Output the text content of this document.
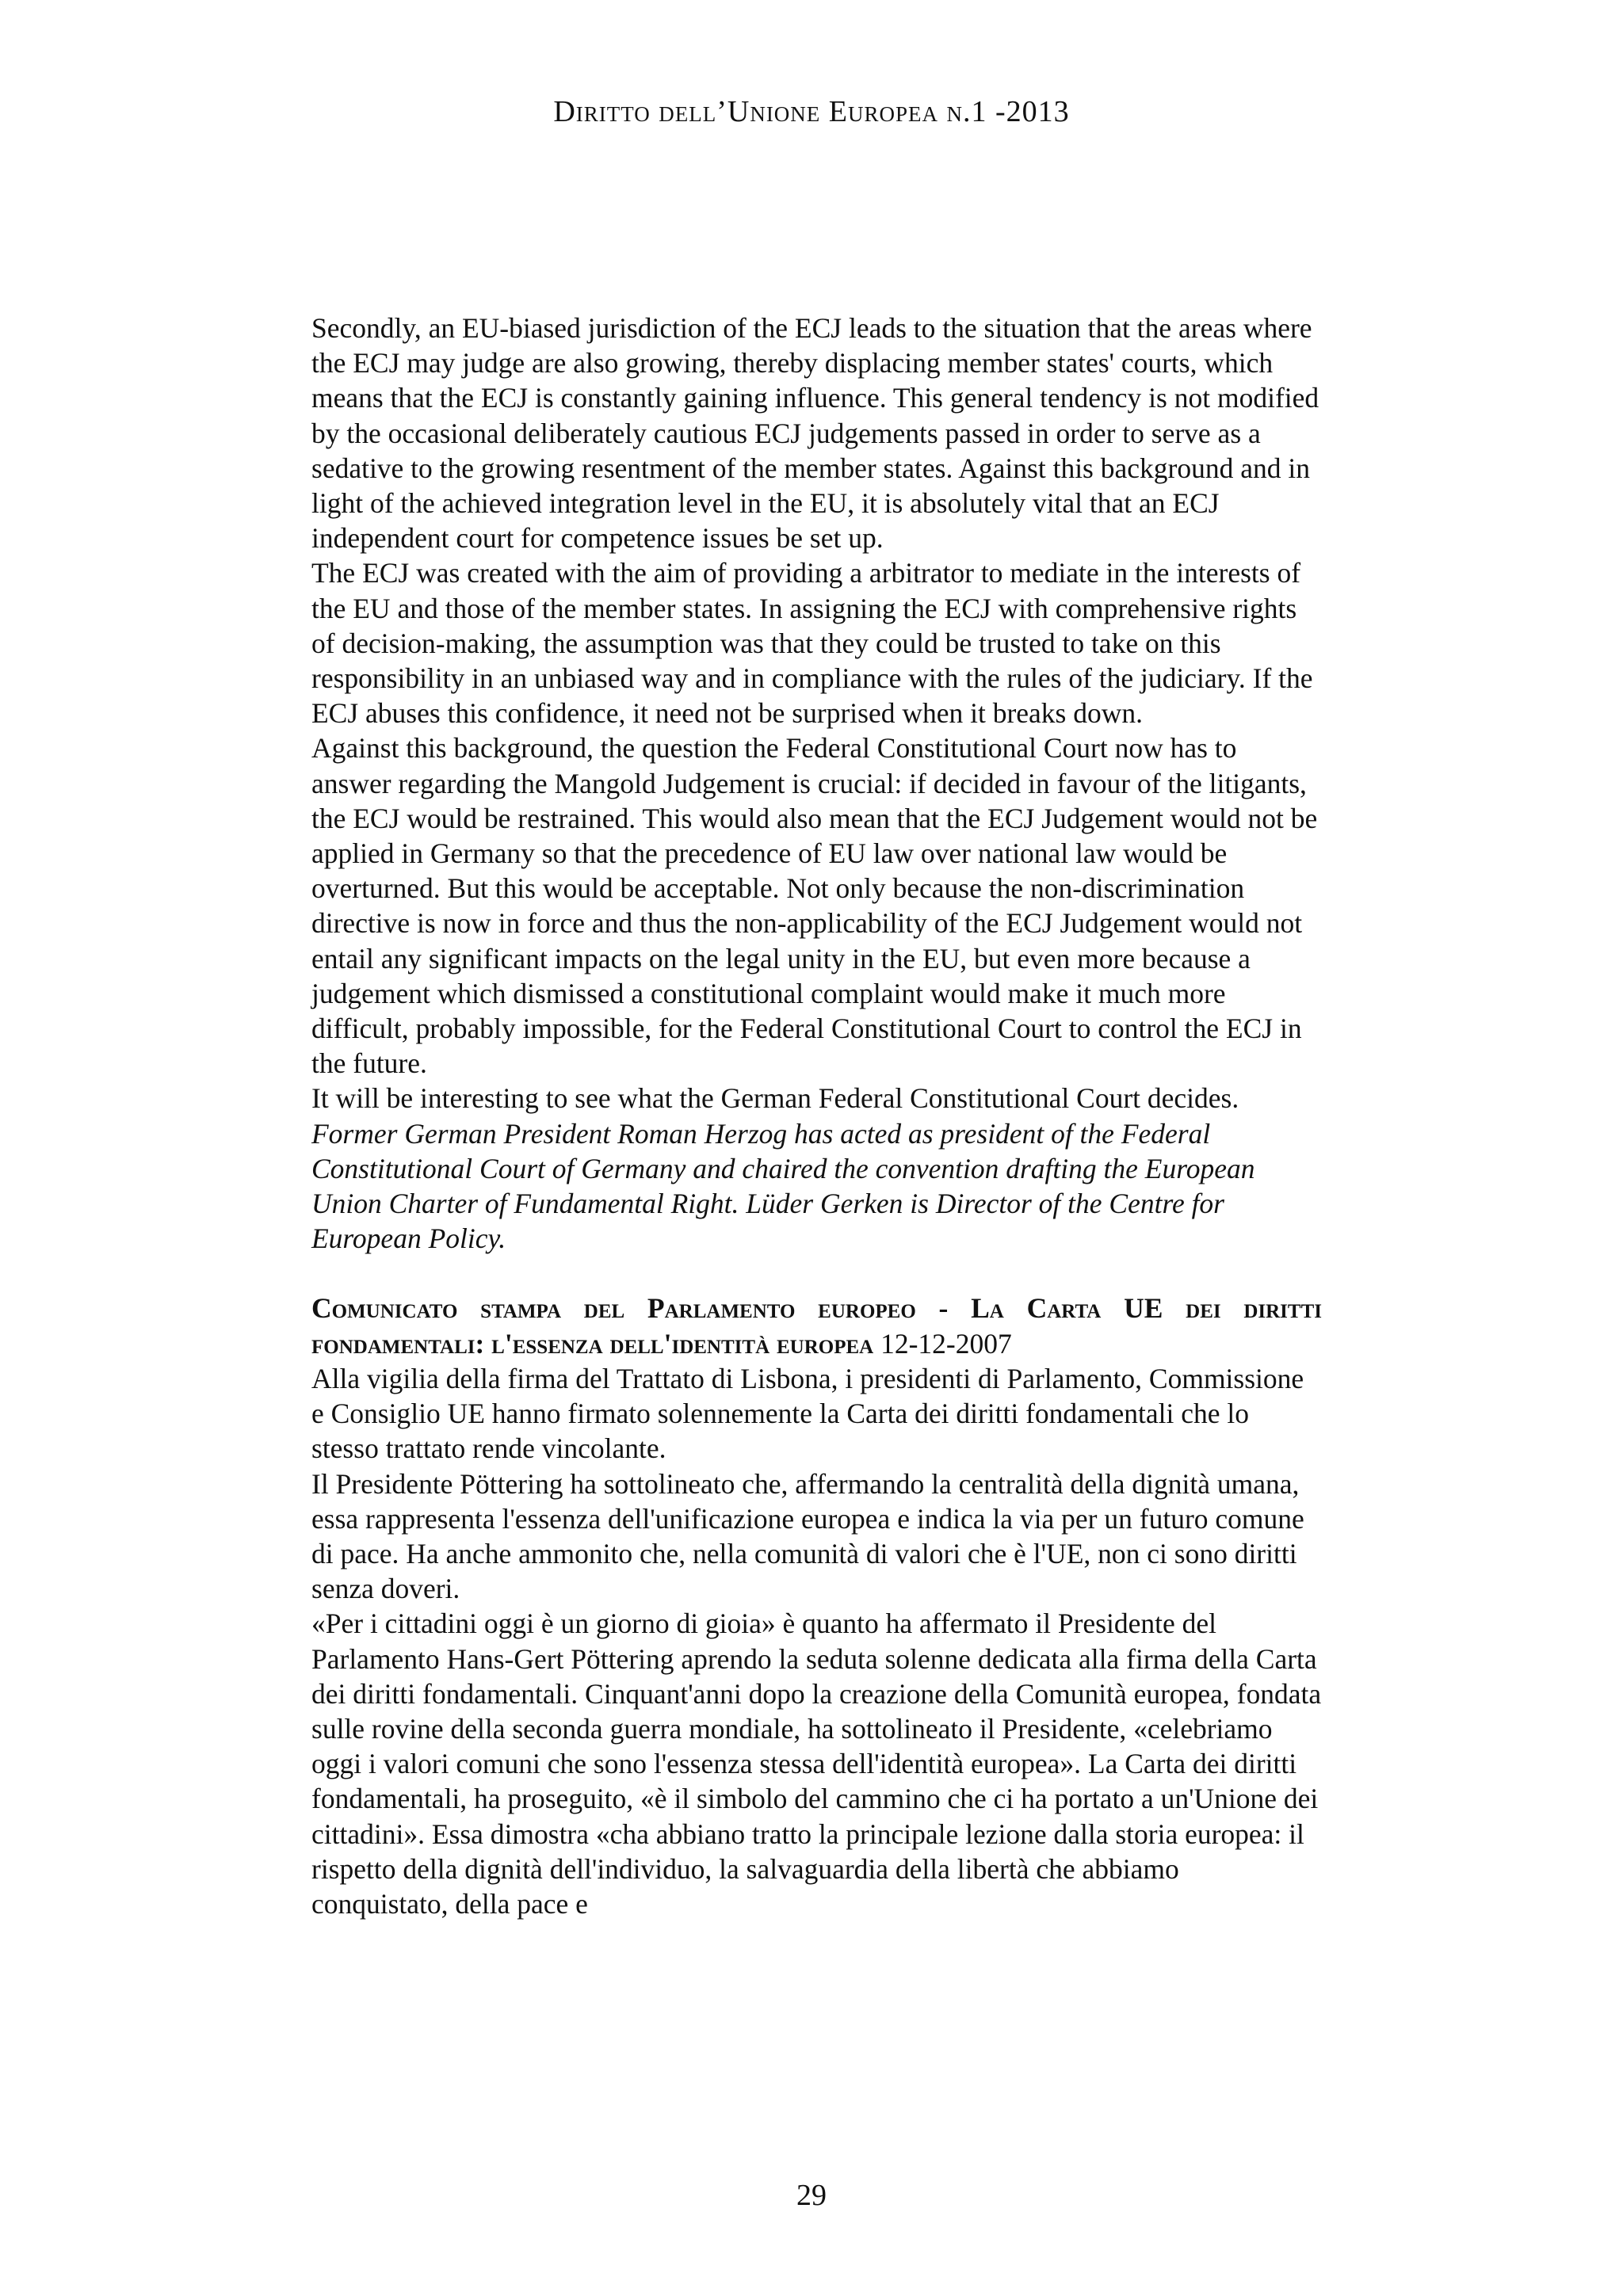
Diritto dell’Unione Europea n.1 -2013

Secondly, an EU-biased jurisdiction of the ECJ leads to the situation that the areas where the ECJ may judge are also growing, thereby displacing member states' courts, which means that the ECJ is constantly gaining influence. This general tendency is not modified by the occasional deliberately cautious ECJ judgements passed in order to serve as a sedative to the growing resentment of the member states. Against this background and in light of the achieved integration level in the EU, it is absolutely vital that an ECJ independent court for competence issues be set up.

The ECJ was created with the aim of providing a arbitrator to mediate in the interests of the EU and those of the member states. In assigning the ECJ with comprehensive rights of decision-making, the assumption was that they could be trusted to take on this responsibility in an unbiased way and in compliance with the rules of the judiciary. If the ECJ abuses this confidence, it need not be surprised when it breaks down.

Against this background, the question the Federal Constitutional Court now has to answer regarding the Mangold Judgement is crucial: if decided in favour of the litigants, the ECJ would be restrained. This would also mean that the ECJ Judgement would not be applied in Germany so that the precedence of EU law over national law would be overturned. But this would be acceptable. Not only because the non-discrimination directive is now in force and thus the non-applicability of the ECJ Judgement would not entail any significant impacts on the legal unity in the EU, but even more because a judgement which dismissed a constitutional complaint would make it much more difficult, probably impossible, for the Federal Constitutional Court to control the ECJ in the future.

It will be interesting to see what the German Federal Constitutional Court decides.

Former German President Roman Herzog has acted as president of the Federal Constitutional Court of Germany and chaired the convention drafting the European Union Charter of Fundamental Right. Lüder Gerken is Director of the Centre for European Policy.

Comunicato stampa del Parlamento europeo - La Carta UE dei diritti fondamentali: l'essenza dell'identità europea 12-12-2007

Alla vigilia della firma del Trattato di Lisbona, i presidenti di Parlamento, Commissione e Consiglio UE hanno firmato solennemente la Carta dei diritti fondamentali che lo stesso trattato rende vincolante.

Il Presidente Pöttering ha sottolineato che, affermando la centralità della dignità umana, essa rappresenta l'essenza dell'unificazione europea e indica la via per un futuro comune di pace. Ha anche ammonito che, nella comunità di valori che è l'UE, non ci sono diritti senza doveri.

«Per i cittadini oggi è un giorno di gioia» è quanto ha affermato il Presidente del Parlamento Hans-Gert Pöttering aprendo la seduta solenne dedicata alla firma della Carta dei diritti fondamentali. Cinquant'anni dopo la creazione della Comunità europea, fondata sulle rovine della seconda guerra mondiale, ha sottolineato il Presidente, «celebriamo oggi i valori comuni che sono l'essenza stessa dell'identità europea». La Carta dei diritti fondamentali, ha proseguito, «è il simbolo del cammino che ci ha portato a un'Unione dei cittadini». Essa dimostra «cha abbiano tratto la principale lezione dalla storia europea: il rispetto della dignità dell'individuo, la salvaguardia della libertà che abbiamo conquistato, della pace e

29
